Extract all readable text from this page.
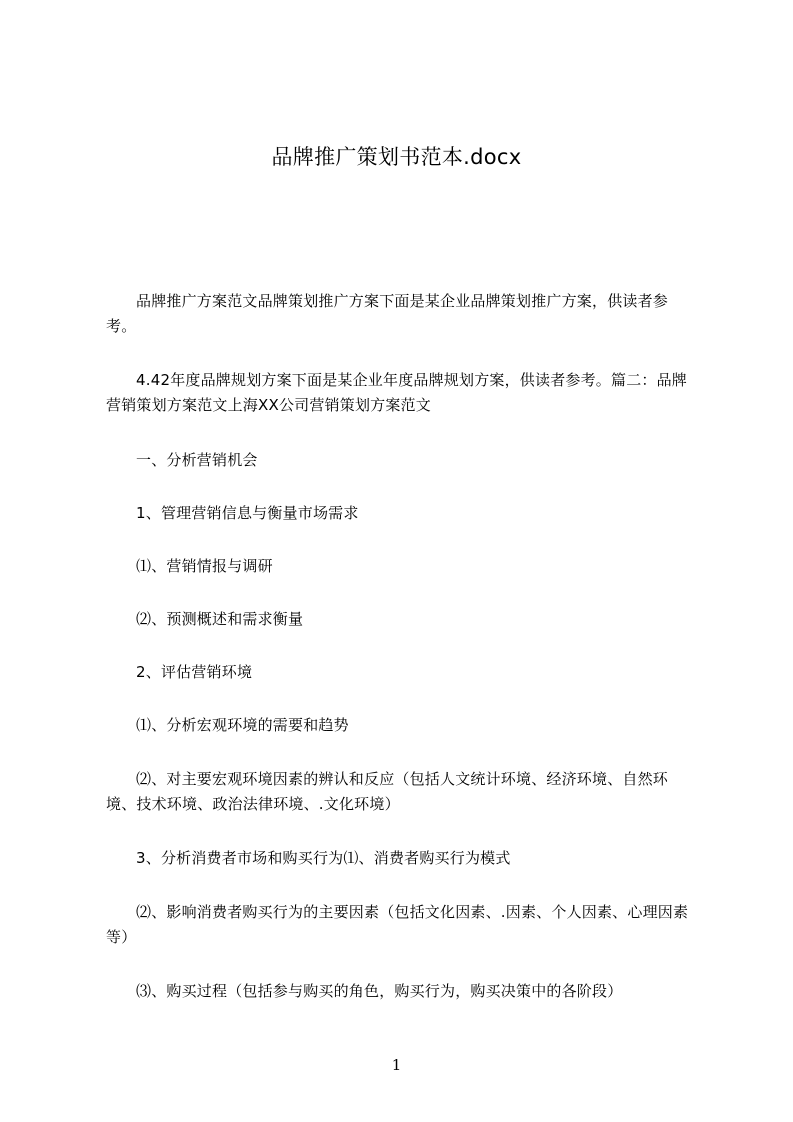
品牌推广策划书范本.docx

品牌推广方案范文品牌策划推广方案下面是某企业品牌策划推广方案，供读者参考。

4.42年度品牌规划方案下面是某企业年度品牌规划方案，供读者参考。篇二：品牌营销策划方案范文上海XX公司营销策划方案范文

一、分析营销机会

1、管理营销信息与衡量市场需求

⑴、营销情报与调研

⑵、预测概述和需求衡量

2、评估营销环境

⑴、分析宏观环境的需要和趋势

⑵、对主要宏观环境因素的辨认和反应（包括人文统计环境、经济环境、自然环境、技术环境、政治法律环境、.文化环境）

3、分析消费者市场和购买行为⑴、消费者购买行为模式

⑵、影响消费者购买行为的主要因素（包括文化因素、.因素、个人因素、心理因素等）

⑶、购买过程（包括参与购买的角色，购买行为，购买决策中的各阶段）

1
